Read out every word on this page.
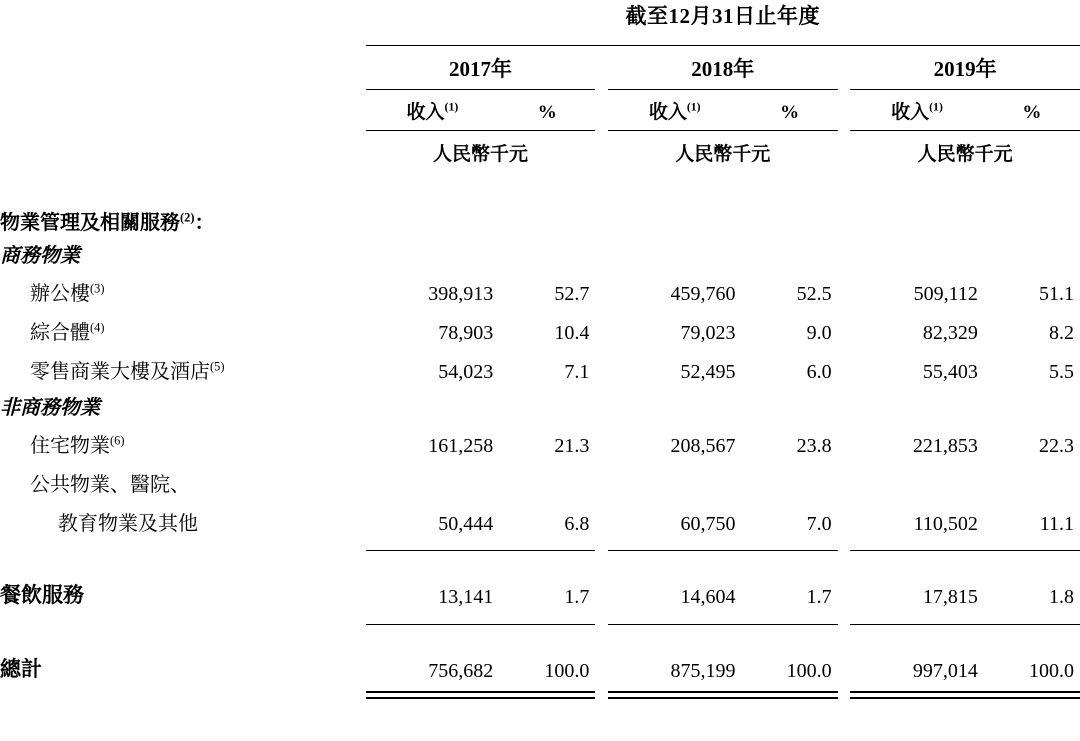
	截至12月31日止年度							

	2017年			2018年			2019年	

	收入$^{(1)}$	%		收入$^{(1)}$	%		收入$^{(1)}$	%

	人民幣千元			人民幣千元			人民幣千元	

物業管理及相關服務$^{(2)}$：								
商務物業								
辦公樓$^{(3)}$	398,913	52.7		459,760	52.5		509,112	51.1
綜合體$^{(4)}$	78,903	10.4		79,023	9.0		82,329	8.2
零售商業大樓及酒店$^{(5)}$	54,023	7.1		52,495	6.0		55,403	5.5
非商務物業								
住宅物業$^{(6)}$	161,258	21.3		208,567	23.8		221,853	22.3
公共物業、醫院、								
教育物業及其他	50,444	6.8		60,750	7.0		110,502	11.1

餐飲服務	13,141	1.7		14,604	1.7		17,815	1.8

總計	756,682	100.0		875,199	100.0		997,014	100.0
